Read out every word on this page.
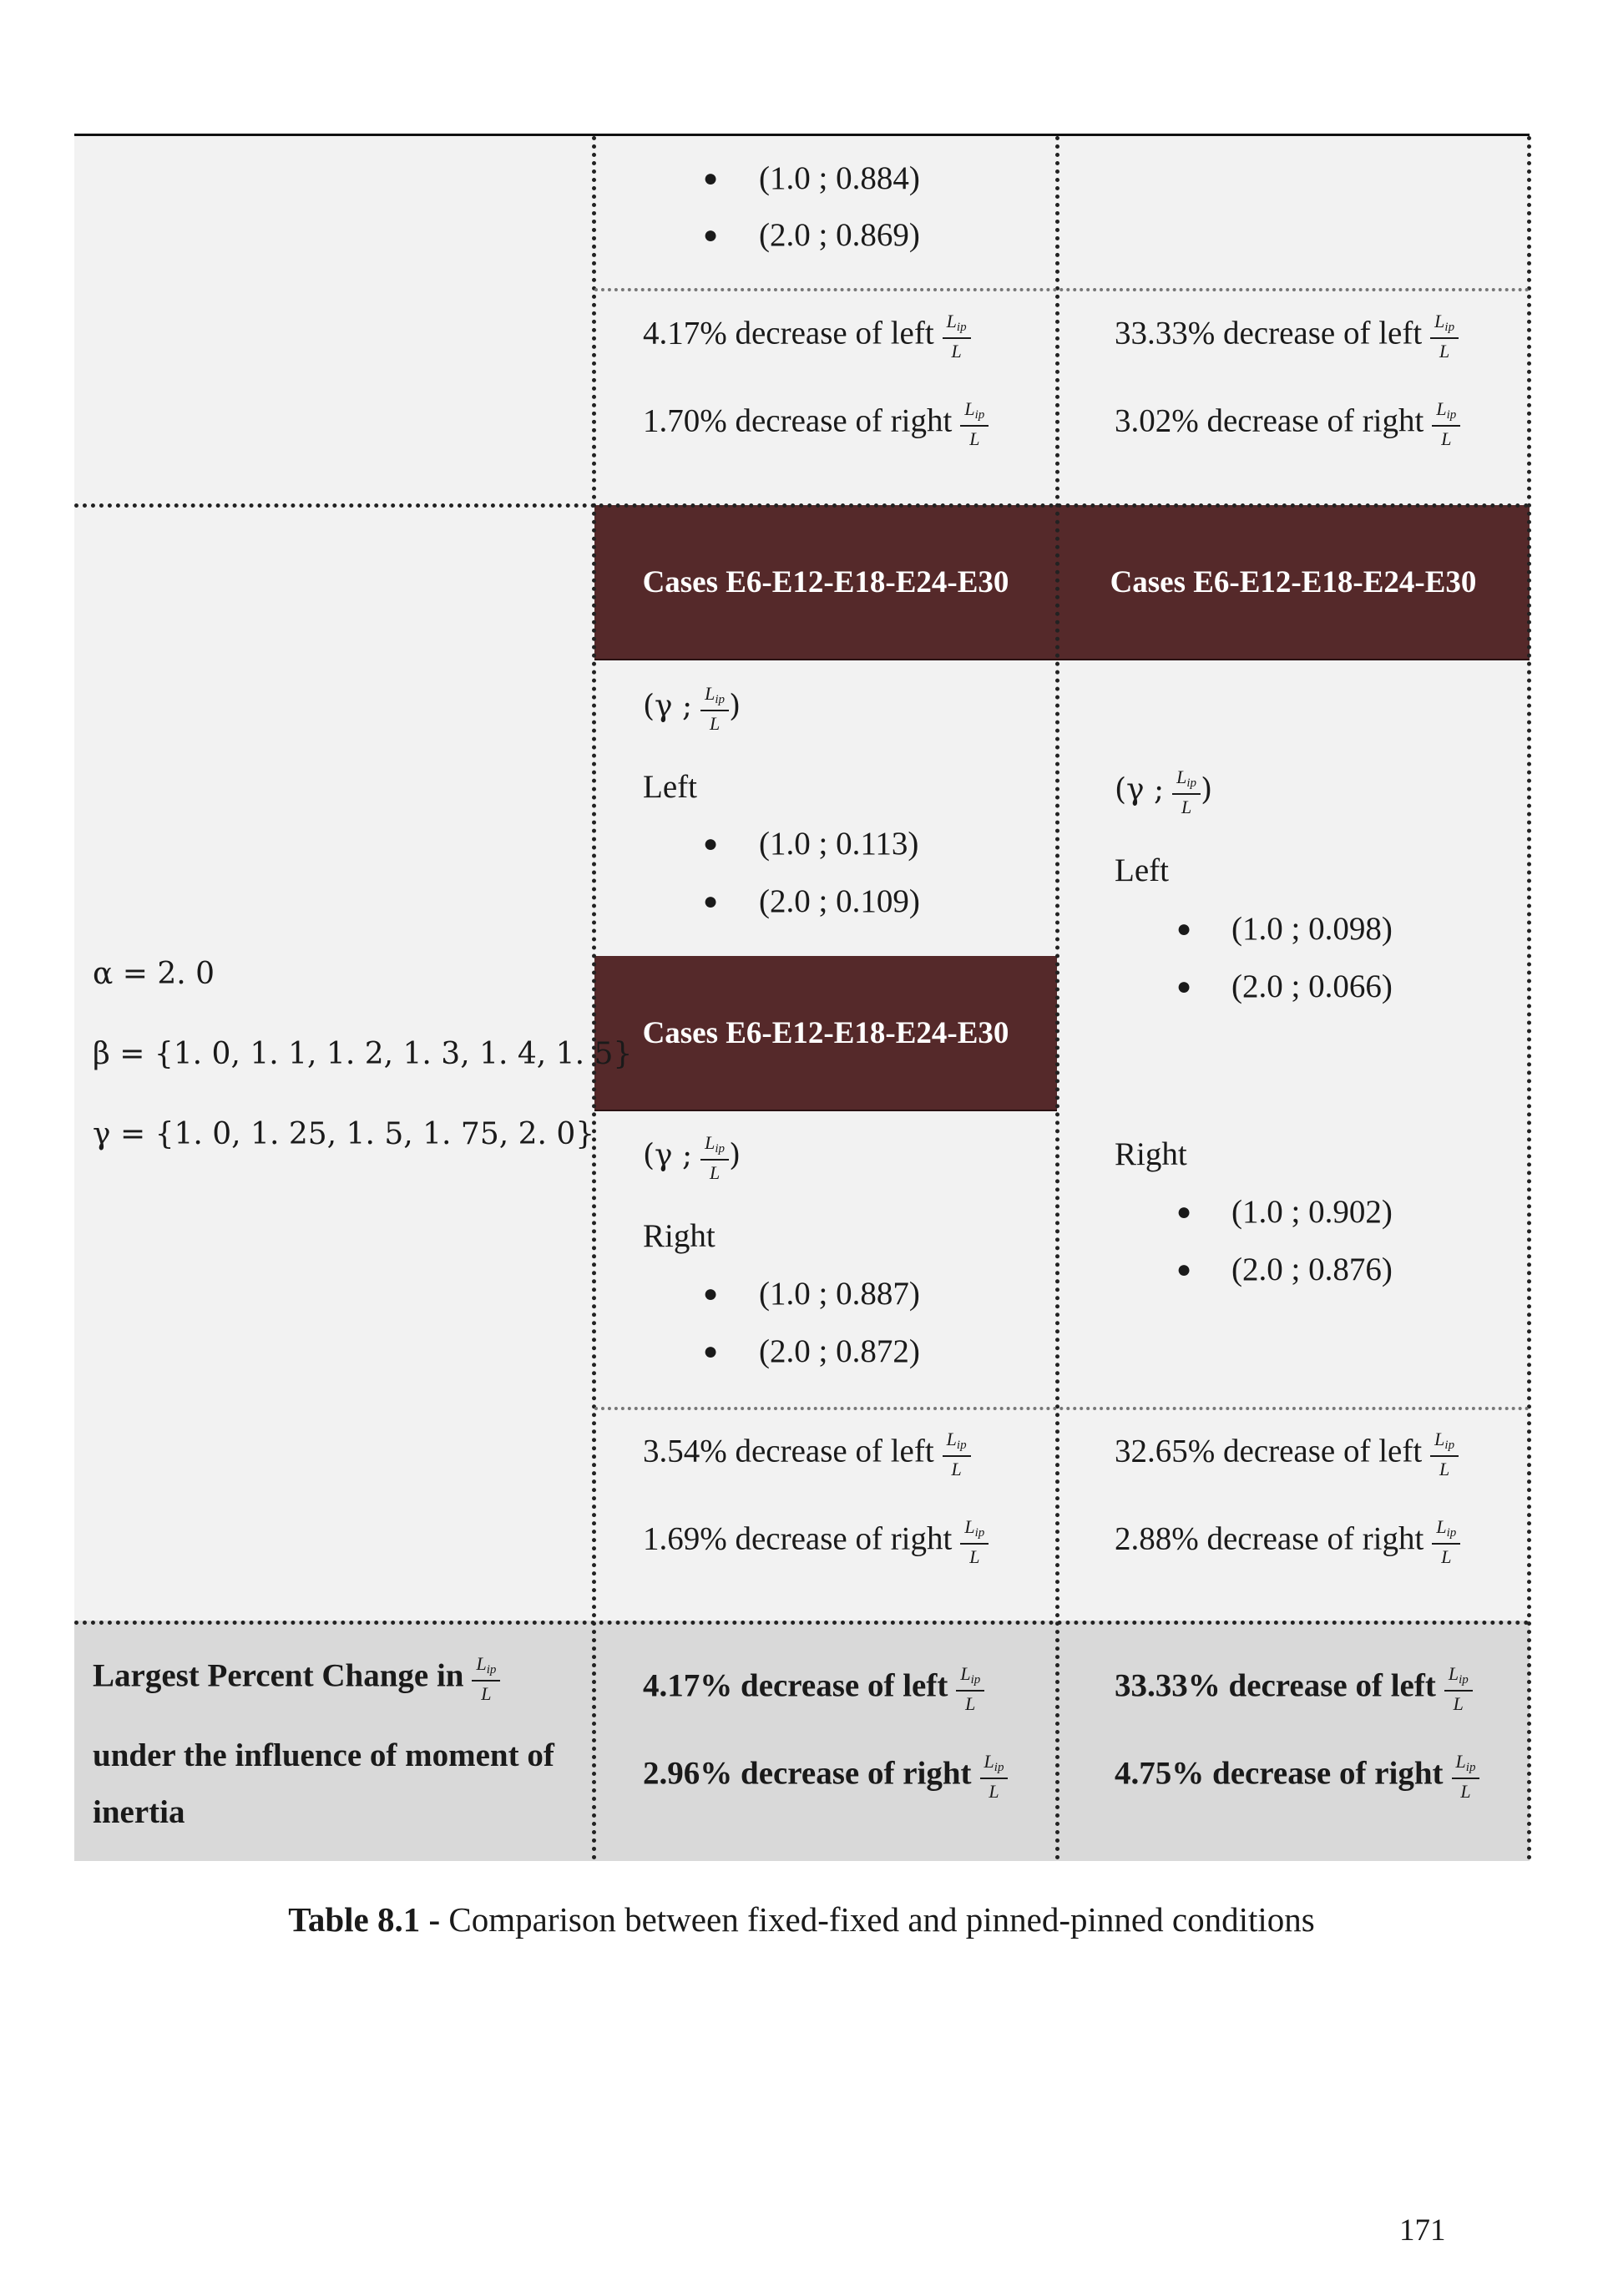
Cases E6-E12-E18-E24-E30	Cases E6-E12-E18-E24-E30
Cases E6-E12-E18-E24-E30
● (1.0 ; 0.884)
● (2.0 ; 0.869)
4.17% decrease of left $\frac{L_{ip}}{L}$
1.70% decrease of right $\frac{L_{ip}}{L}$
33.33% decrease of left $\frac{L_{ip}}{L}$
3.02% decrease of right $\frac{L_{ip}}{L}$
α = 2. 0
β = {1. 0, 1. 1, 1. 2, 1. 3, 1. 4, 1. 5}
γ = {1. 0, 1. 25, 1. 5, 1. 75, 2. 0}
(γ ; $\frac{L_{ip}}{L}$ )
Left
● (1.0 ; 0.113)
● (2.0 ; 0.109)
(γ ; $\frac{L_{ip}}{L}$ )
Right
● (1.0 ; 0.887)
● (2.0 ; 0.872)
(γ ; $\frac{L_{ip}}{L}$ )
Left
● (1.0 ; 0.098)
● (2.0 ; 0.066)
Right
● (1.0 ; 0.902)
● (2.0 ; 0.876)
3.54% decrease of left $\frac{L_{ip}}{L}$
1.69% decrease of right $\frac{L_{ip}}{L}$
32.65% decrease of left $\frac{L_{ip}}{L}$
2.88% decrease of right $\frac{L_{ip}}{L}$
Largest Percent Change in $\frac{L_{ip}}{L}$
under the influence of moment of
inertia
4.17% decrease of left $\frac{L_{ip}}{L}$
2.96% decrease of right $\frac{L_{ip}}{L}$
33.33% decrease of left $\frac{L_{ip}}{L}$
4.75% decrease of right $\frac{L_{ip}}{L}$
Table 8.1 - Comparison between fixed-fixed and pinned-pinned conditions
171
